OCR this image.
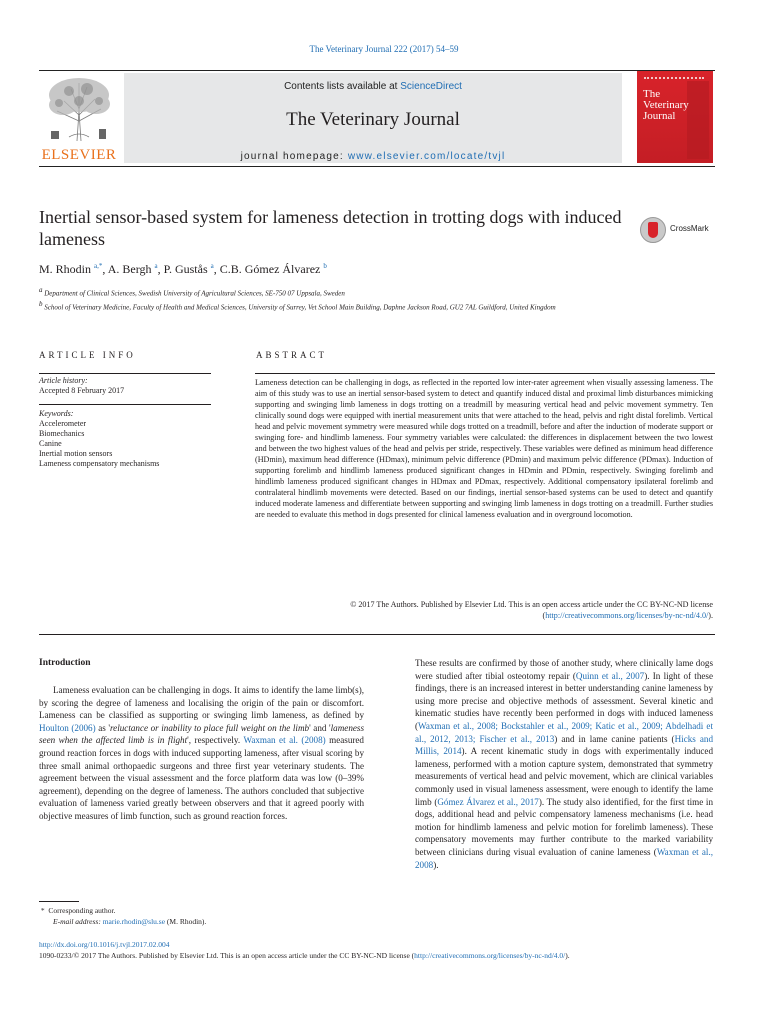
The Veterinary Journal 222 (2017) 54–59
ELSEVIER
Contents lists available at ScienceDirect
The Veterinary Journal
journal homepage: www.elsevier.com/locate/tvjl
The
Veterinary Journal
Inertial sensor-based system for lameness detection in trotting dogs with induced lameness
CrossMark
M. Rhodin $^{a,*}$, A. Bergh $^a$, P. Gustås $^a$, C.B. Gómez Álvarez $^b$
$^a$ Department of Clinical Sciences, Swedish University of Agricultural Sciences, SE-750 07 Uppsala, Sweden
$^b$ School of Veterinary Medicine, Faculty of Health and Medical Sciences, University of Surrey, Vet School Main Building, Daphne Jackson Road, GU2 7AL Guildford, United Kingdom
ARTICLE INFO	ABSTRACT
Article history:
Accepted 8 February 2017
Keywords:
Accelerometer
Biomechanics
Canine
Inertial motion sensors
Lameness compensatory mechanisms
Lameness detection can be challenging in dogs, as reflected in the reported low inter-rater agreement when visually assessing lameness. The aim of this study was to use an inertial sensor-based system to detect and quantify induced distal and proximal limb disturbances mimicking supporting and swinging limb lameness in dogs trotting on a treadmill by measuring vertical head and pelvic movement symmetry. Ten clinically sound dogs were equipped with inertial measurement units that were attached to the head, pelvis and right distal forelimb. Vertical head and pelvic movement symmetry were measured while dogs trotted on a treadmill, before and after the induction of moderate support or swinging fore- and hindlimb lameness. Four symmetry variables were calculated: the differences in displacement between the two lowest and between the two highest values of the head and pelvis per stride, respectively. These variables were defined as minimum head difference (HDmin), maximum head difference (HDmax), minimum pelvic difference (PDmin) and maximum pelvic difference (PDmax). Induction of supporting forelimb and hindlimb lameness produced significant changes in HDmin and PDmin, respectively. Swinging forelimb and hindlimb lameness produced significant changes in HDmax and PDmax, respectively. Additional compensatory ipsilateral forelimb and contralateral hindlimb movements were detected. Based on our findings, inertial sensor-based systems can be used to detect and quantify induced moderate lameness and differentiate between supporting and swinging limb lameness in dogs trotting on a treadmill. Further studies are needed to evaluate this method in dogs presented for clinical lameness evaluation and in overground locomotion.
© 2017 The Authors. Published by Elsevier Ltd. This is an open access article under the CC BY-NC-ND license (http://creativecommons.org/licenses/by-nc-nd/4.0/).
Introduction
Lameness evaluation can be challenging in dogs. It aims to identify the lame limb(s), by scoring the degree of lameness and localising the origin of the pain or discomfort. Lameness can be classified as supporting or swinging limb lameness, as defined by Houlton (2006) as 'reluctance or inability to place full weight on the limb' and 'lameness seen when the affected limb is in flight', respectively. Waxman et al. (2008) measured ground reaction forces in dogs with induced supporting lameness, after visual scoring by three small animal orthopaedic surgeons and three first year veterinary students. The agreement between the visual assessment and the force platform data was low (0–39% agreement), depending on the degree of lameness. The authors concluded that subjective evaluation of lameness varied greatly between observers and that it agreed poorly with objective measures of limb function, such as ground reaction forces.
These results are confirmed by those of another study, where clinically lame dogs were studied after tibial osteotomy repair (Quinn et al., 2007). In light of these findings, there is an increased interest in better understanding canine lameness by using more precise and objective methods of assessment. Several kinetic and kinematic studies have recently been performed in dogs with induced lameness (Waxman et al., 2008; Bockstahler et al., 2009; Katic et al., 2009; Abdelhadi et al., 2012, 2013; Fischer et al., 2013) and in lame canine patients (Hicks and Millis, 2014). A recent kinematic study in dogs with experimentally induced lameness, performed with a motion capture system, demonstrated that symmetry measurements of vertical head and pelvic movement, which are clinical variables commonly used in visual lameness assessment, were enough to identify the lame limb (Gómez Álvarez et al., 2017). The study also identified, for the first time in dogs, additional head and pelvic compensatory lameness mechanisms (i.e. head motion for hindlimb lameness and pelvic motion for forelimb lameness). These compensatory movements may further contribute to the marked variability between clinicians during visual evaluation of canine lameness (Waxman et al., 2008).
* Corresponding author.
E-mail address: marie.rhodin@slu.se (M. Rhodin).
http://dx.doi.org/10.1016/j.tvjl.2017.02.004
1090-0233/© 2017 The Authors. Published by Elsevier Ltd. This is an open access article under the CC BY-NC-ND license (http://creativecommons.org/licenses/by-nc-nd/4.0/).
